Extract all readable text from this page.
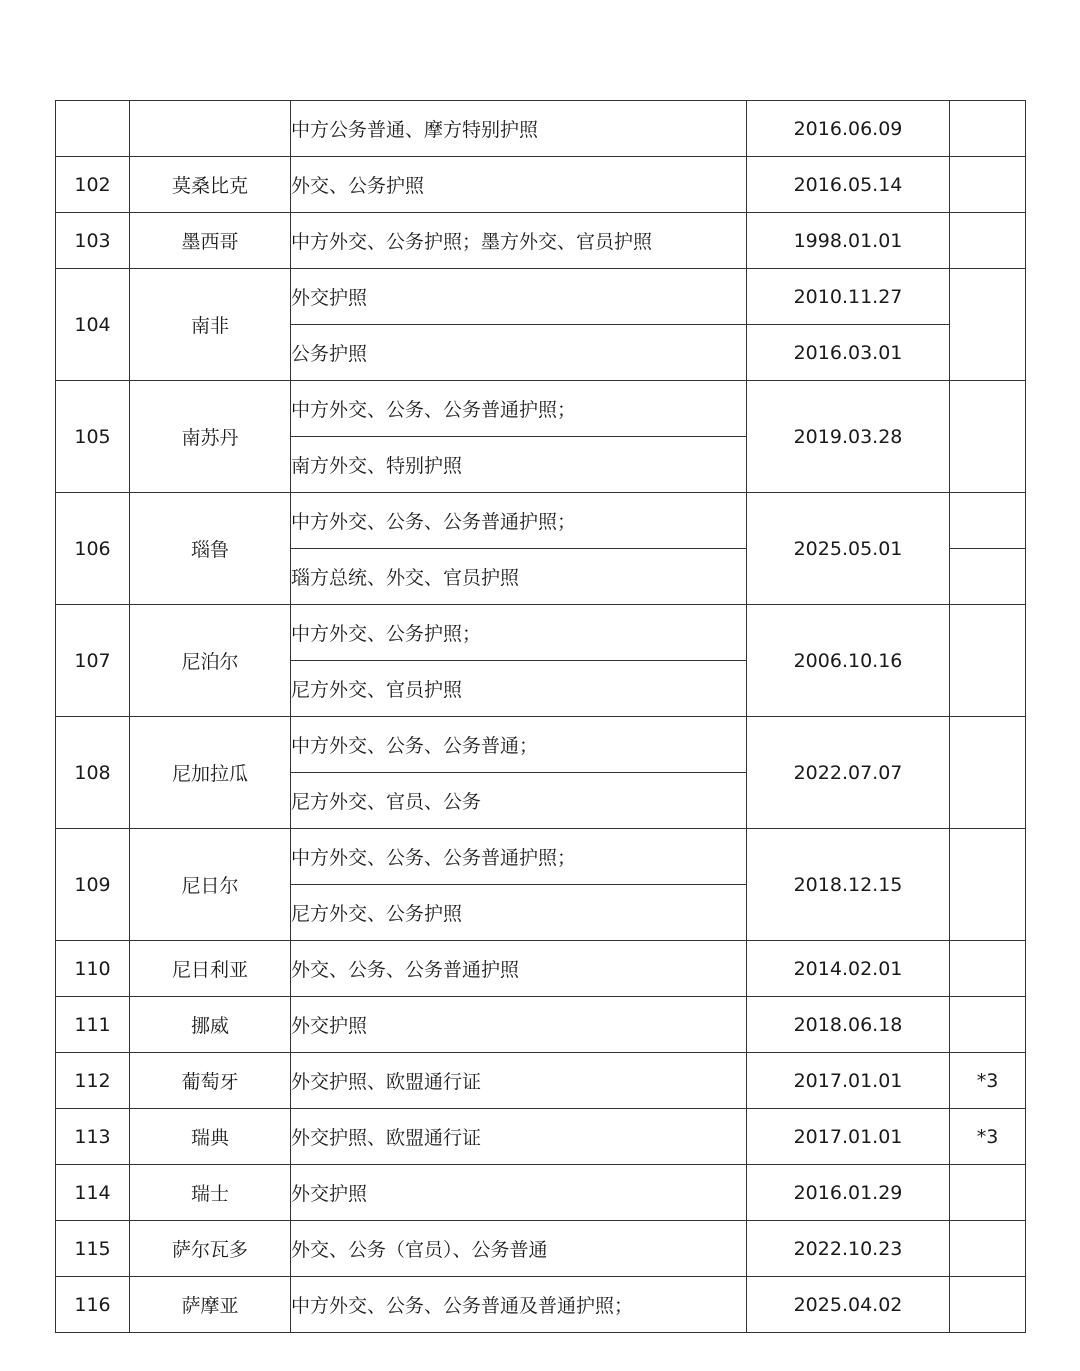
		中方公务普通、摩方特别护照	2016.06.09	
102	莫桑比克	外交、公务护照	2016.05.14	
103	墨西哥	中方外交、公务护照；墨方外交、官员护照	1998.01.01	
104	南非	外交护照	2010.11.27	
		公务护照	2016.03.01	
105	南苏丹	中方外交、公务、公务普通护照；	2019.03.28	
		南方外交、特别护照		
106	瑙鲁	中方外交、公务、公务普通护照；	2025.05.01	
		瑙方总统、外交、官员护照		
107	尼泊尔	中方外交、公务护照；	2006.10.16	
		尼方外交、官员护照		
108	尼加拉瓜	中方外交、公务、公务普通；	2022.07.07	
		尼方外交、官员、公务		
109	尼日尔	中方外交、公务、公务普通护照；	2018.12.15	
		尼方外交、公务护照		
110	尼日利亚	外交、公务、公务普通护照	2014.02.01	
111	挪威	外交护照	2018.06.18	
112	葡萄牙	外交护照、欧盟通行证	2017.01.01	*3
113	瑞典	外交护照、欧盟通行证	2017.01.01	*3
114	瑞士	外交护照	2016.01.29	
115	萨尔瓦多	外交、公务（官员）、公务普通	2022.10.23	
116	萨摩亚	中方外交、公务、公务普通及普通护照；	2025.04.02	
